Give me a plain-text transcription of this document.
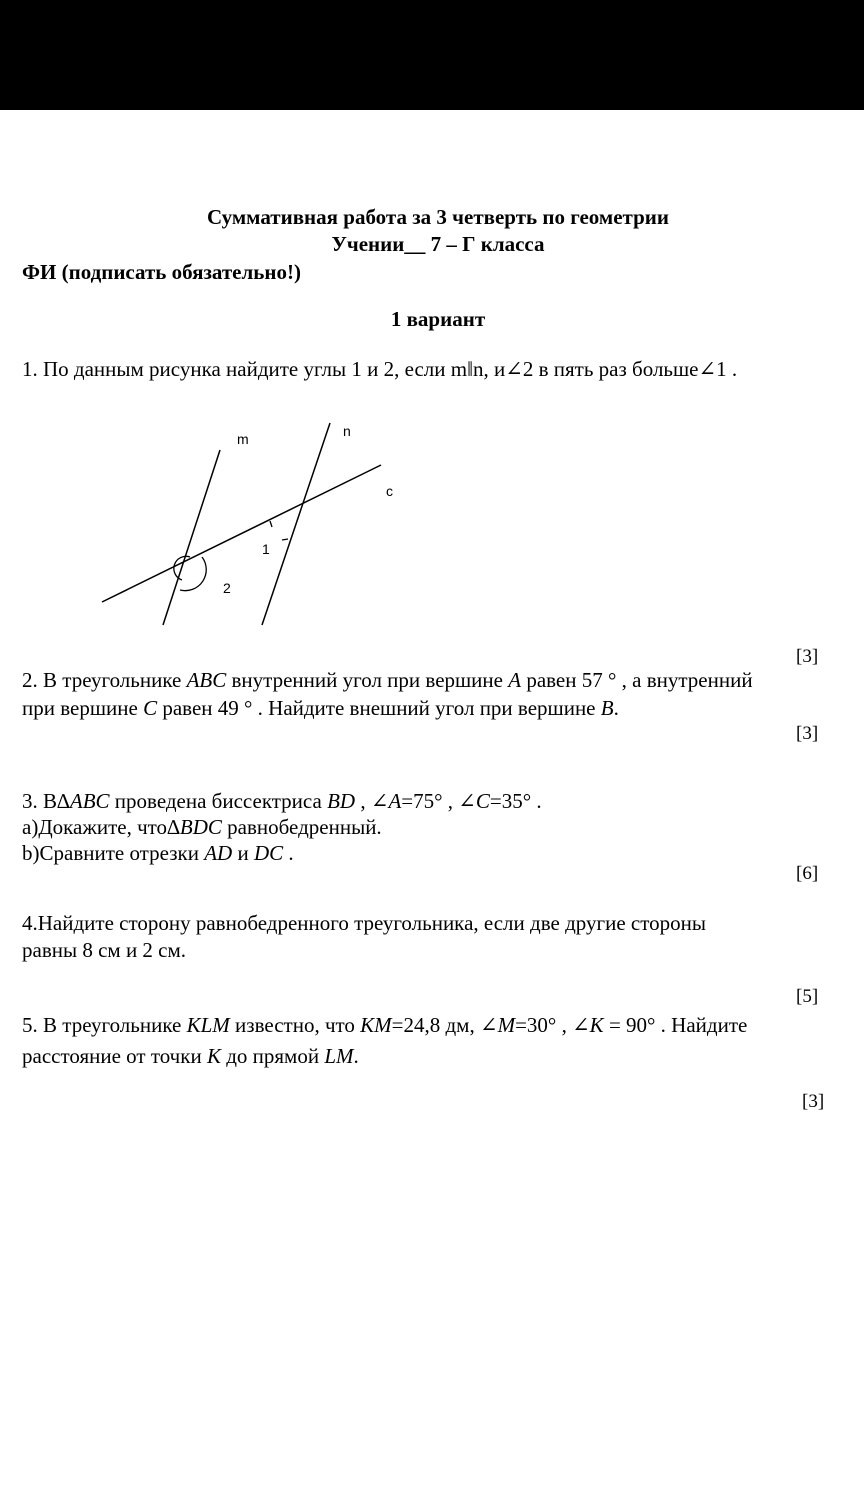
Суммативная работа за 3 четверть по геометрии
Учении__ 7 – Г класса
ФИ (подписать обязательно!)
1 вариант
1. По данным рисунка найдите углы 1 и 2, если m‖n, и∠2 в пять раз больше∠1 .
m	n
c
1
2
[3]
2. В треугольнике ABC внутренний угол при вершине A равен 57 ° , а внутренний
при вершине C равен 49 ° . Найдите внешний угол при вершине B.
[3]
3. В∆ABC проведена биссектриса BD , ∠A=75° , ∠C=35° .
а)Докажите, что∆BDC равнобедренный.
b)Сравните отрезки AD и DC .
[6]
4.Найдите сторону равнобедренного треугольника, если две другие стороны
равны 8 см и 2 см.
[5]
5. В треугольнике KLM известно, что KM=24,8 дм, ∠M=30° , ∠K = 90° . Найдите
расстояние от точки K до прямой LM.
[3]
